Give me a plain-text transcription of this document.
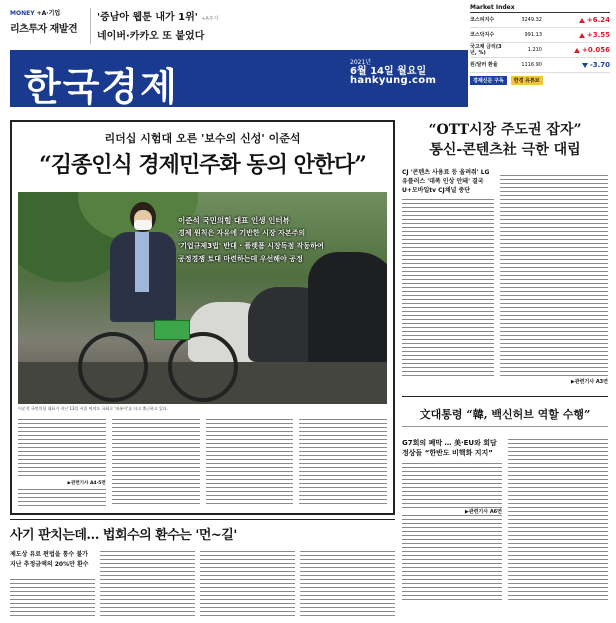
MONEY +A·기업
리츠투자 재발견
'증남아 웹툰 내가 1위' +A투자
네이버·카카오 또 붙었다
Market Index
코스피지수	3249.32	+6.24
코스닥지수	991.13	+3.55
국고채 금리(3년, %)	1.210	+0.056
원/달러 환율	1116.90	-3.70
경제신문 구독	한경 유튜브
한국경제
2021년
6월 14일 월요일
hankyung.com
리더십 시험대 오른 '보수의 신성' 이준석
“김종인식 경제민주화 동의 안한다”
이준석 국민의힘 대표 인생 인터뷰
경제 원칙은 자유에 기반한 시장 자본주의
'기업규제3법' 반대 · 플랫폼 시장독점 작동하여
공정경쟁 토대 마련하는데 우선해야 공정
이준석 국민의힘 대표가 지난 13일 서울 여의도 국회로 '따릉이'를 타고 출근하고 있다.
▶관련기사 A4·5면
“OTT시장 주도권 잡자”
통신-콘텐츠社 극한 대립
CJ '콘텐츠 사용료 등 올려줘' LG유플러스 '대폭 인상 안돼' 결국 U+모바일tv CJ채널 중단
▶관련기사 A3면
文대통령 “韓, 백신허브 역할 수행”
G7회의 폐막 … 美·EU와 회담 정상들 “한반도 비핵화 지지”
▶관련기사 A6면
사기 판치는데… 법회수의 환수는 '먼~길'
제도상 유료 편법을 통수 불가 지난 추정금액의 20%만 환수
